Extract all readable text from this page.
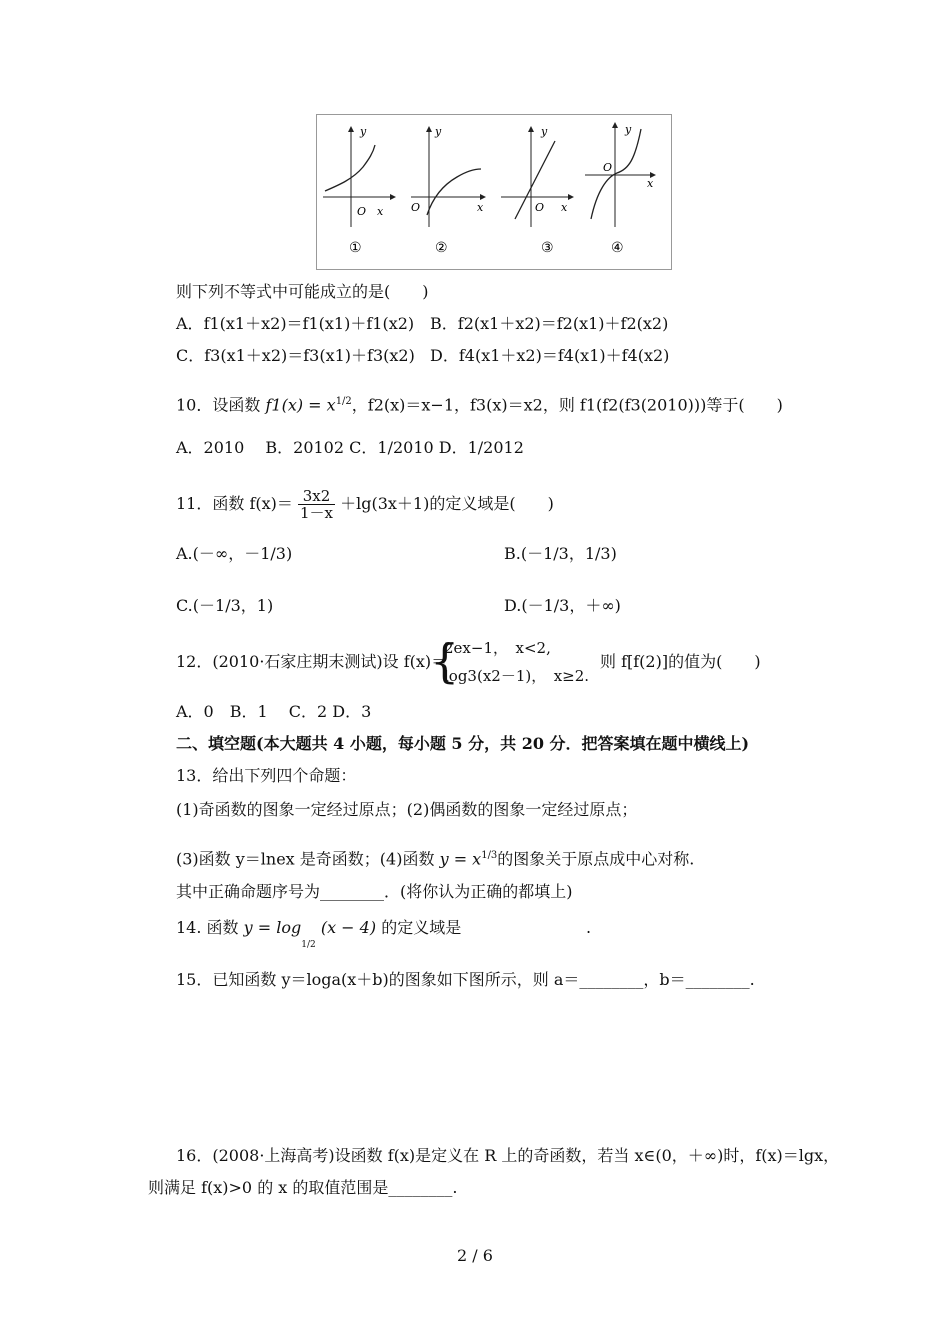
y
O x
①
y
O	x
②
y
O x
③
y
O
x
④
则下列不等式中可能成立的是(　　)
A．f1(x1＋x2)＝f1(x1)＋f1(x2) B．f2(x1＋x2)＝f2(x1)＋f2(x2)
C．f3(x1＋x2)＝f3(x1)＋f3(x2) D．f4(x1＋x2)＝f4(x1)＋f4(x2)
10．设函数 $f1(x) = x^{1/2}$，f2(x)＝x−1，f3(x)＝x2，则 f1(f2(f3(2010)))等于(　　)
A．2010　 B．20102 C．1/2010 D．1/2012
11．函数 $f(x)= \frac{3x2}{1-x} +\lg(3x+1)$的定义域是(　　)
A.(－∞，－1/3)	B.(－1/3，1/3)
C.(－1/3，1)	D.(－1/3，＋∞)
12．(2010·石家庄期末测试)设 f(x)＝
{
2ex−1，　x<2,
log3(x2－1)，　x≥2.
则 f[f(2)]的值为(　　)
A．0　B．1　 C．2 D．3
二、填空题(本大题共 4 小题，每小题 5 分，共 20 分．把答案填在题中横线上)
13．给出下列四个命题：
(1)奇函数的图象一定经过原点；(2)偶函数的图象一定经过原点；
(3)函数 y＝lnex 是奇函数；(4)函数 $y = x^{1/3}$的图象关于原点成中心对称.
其中正确命题序号为________．(将你认为正确的都填上)
14. 函数 $y = \log_{1/2} (x - 4)$ 的定义域是	.
15．已知函数 y＝loga(x＋b)的图象如下图所示，则 a＝________，b＝________.
16．(2008·上海高考)设函数 f(x)是定义在 R 上的奇函数，若当 x∈(0，＋∞)时，f(x)＝lgx，
则满足 f(x)>0 的 x 的取值范围是________.
2 / 6
